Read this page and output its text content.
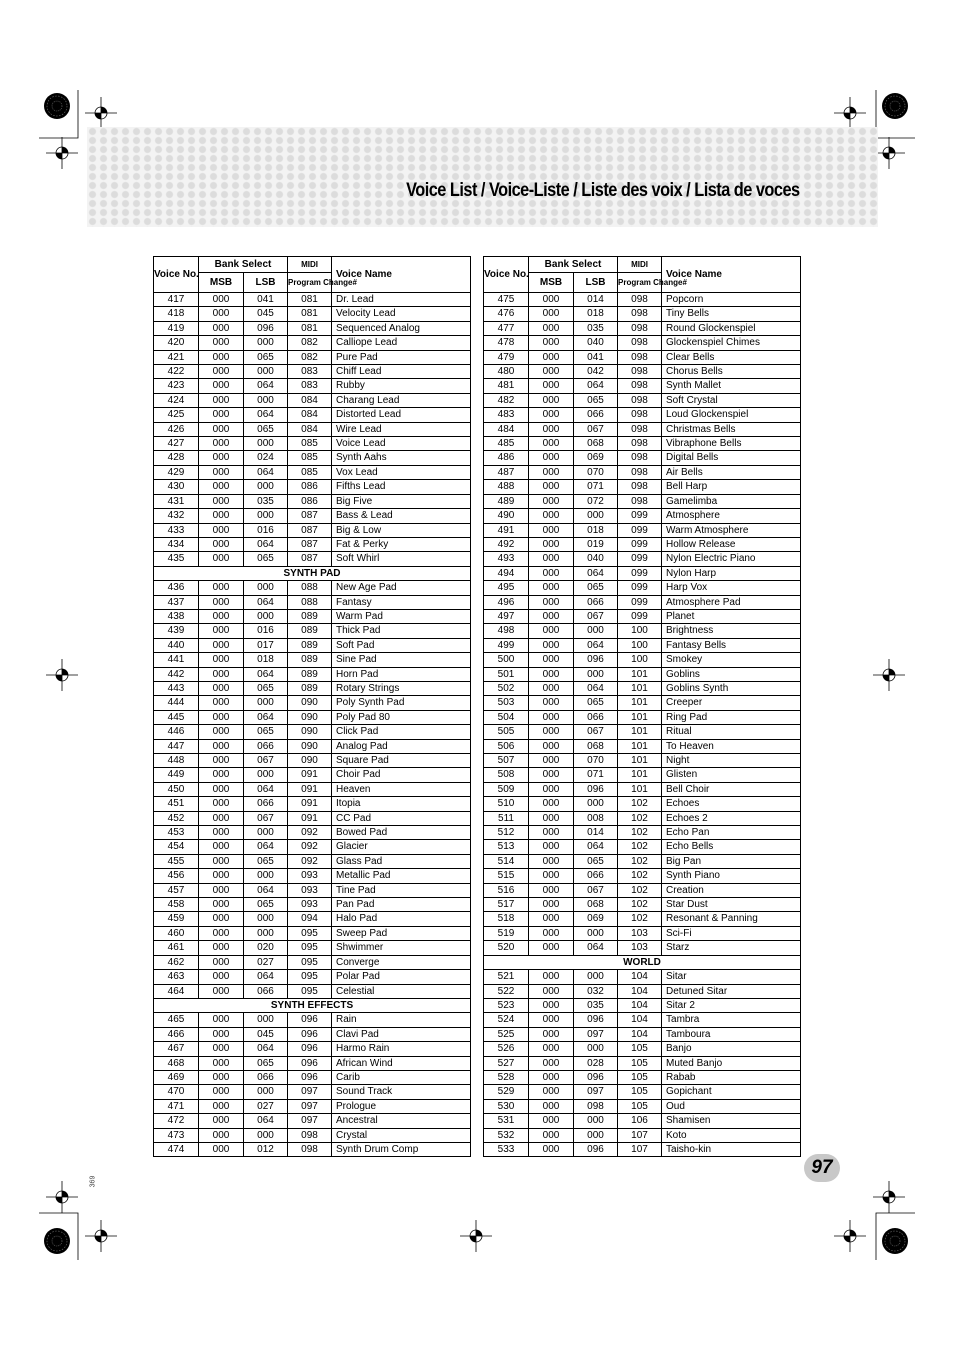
Voice List / Voice-Liste / Liste des voix / Lista de voces
Voice No.	Bank Select		MIDI	Voice Name
	MSB	LSB	Program Change#	
417	000	041	081	Dr. Lead
418	000	045	081	Velocity Lead
419	000	096	081	Sequenced Analog
420	000	000	082	Calliope Lead
421	000	065	082	Pure Pad
422	000	000	083	Chiff Lead
423	000	064	083	Rubby
424	000	000	084	Charang Lead
425	000	064	084	Distorted Lead
426	000	065	084	Wire Lead
427	000	000	085	Voice Lead
428	000	024	085	Synth Aahs
429	000	064	085	Vox Lead
430	000	000	086	Fifths Lead
431	000	035	086	Big Five
432	000	000	087	Bass & Lead
433	000	016	087	Big & Low
434	000	064	087	Fat & Perky
435	000	065	087	Soft Whirl
SYNTH PAD				
436	000	000	088	New Age Pad
437	000	064	088	Fantasy
438	000	000	089	Warm Pad
439	000	016	089	Thick Pad
440	000	017	089	Soft Pad
441	000	018	089	Sine Pad
442	000	064	089	Horn Pad
443	000	065	089	Rotary Strings
444	000	000	090	Poly Synth Pad
445	000	064	090	Poly Pad 80
446	000	065	090	Click Pad
447	000	066	090	Analog Pad
448	000	067	090	Square Pad
449	000	000	091	Choir Pad
450	000	064	091	Heaven
451	000	066	091	Itopia
452	000	067	091	CC Pad
453	000	000	092	Bowed Pad
454	000	064	092	Glacier
455	000	065	092	Glass Pad
456	000	000	093	Metallic Pad
457	000	064	093	Tine Pad
458	000	065	093	Pan Pad
459	000	000	094	Halo Pad
460	000	000	095	Sweep Pad
461	000	020	095	Shwimmer
462	000	027	095	Converge
463	000	064	095	Polar Pad
464	000	066	095	Celestial
SYNTH EFFECTS				
465	000	000	096	Rain
466	000	045	096	Clavi Pad
467	000	064	096	Harmo Rain
468	000	065	096	African Wind
469	000	066	096	Carib
470	000	000	097	Sound Track
471	000	027	097	Prologue
472	000	064	097	Ancestral
473	000	000	098	Crystal
474	000	012	098	Synth Drum Comp
Voice No.	Bank Select		MIDI	Voice Name
	MSB	LSB	Program Change#	
475	000	014	098	Popcorn
476	000	018	098	Tiny Bells
477	000	035	098	Round Glockenspiel
478	000	040	098	Glockenspiel Chimes
479	000	041	098	Clear Bells
480	000	042	098	Chorus Bells
481	000	064	098	Synth Mallet
482	000	065	098	Soft Crystal
483	000	066	098	Loud Glockenspiel
484	000	067	098	Christmas Bells
485	000	068	098	Vibraphone Bells
486	000	069	098	Digital Bells
487	000	070	098	Air Bells
488	000	071	098	Bell Harp
489	000	072	098	Gamelimba
490	000	000	099	Atmosphere
491	000	018	099	Warm Atmosphere
492	000	019	099	Hollow Release
493	000	040	099	Nylon Electric Piano
494	000	064	099	Nylon Harp
495	000	065	099	Harp Vox
496	000	066	099	Atmosphere Pad
497	000	067	099	Planet
498	000	000	100	Brightness
499	000	064	100	Fantasy Bells
500	000	096	100	Smokey
501	000	000	101	Goblins
502	000	064	101	Goblins Synth
503	000	065	101	Creeper
504	000	066	101	Ring Pad
505	000	067	101	Ritual
506	000	068	101	To Heaven
507	000	070	101	Night
508	000	071	101	Glisten
509	000	096	101	Bell Choir
510	000	000	102	Echoes
511	000	008	102	Echoes 2
512	000	014	102	Echo Pan
513	000	064	102	Echo Bells
514	000	065	102	Big Pan
515	000	066	102	Synth Piano
516	000	067	102	Creation
517	000	068	102	Star Dust
518	000	069	102	Resonant & Panning
519	000	000	103	Sci-Fi
520	000	064	103	Starz
WORLD				
521	000	000	104	Sitar
522	000	032	104	Detuned Sitar
523	000	035	104	Sitar 2
524	000	096	104	Tambra
525	000	097	104	Tamboura
526	000	000	105	Banjo
527	000	028	105	Muted Banjo
528	000	096	105	Rabab
529	000	097	105	Gopichant
530	000	098	105	Oud
531	000	000	106	Shamisen
532	000	000	107	Koto
533	000	096	107	Taisho-kin
97
369
